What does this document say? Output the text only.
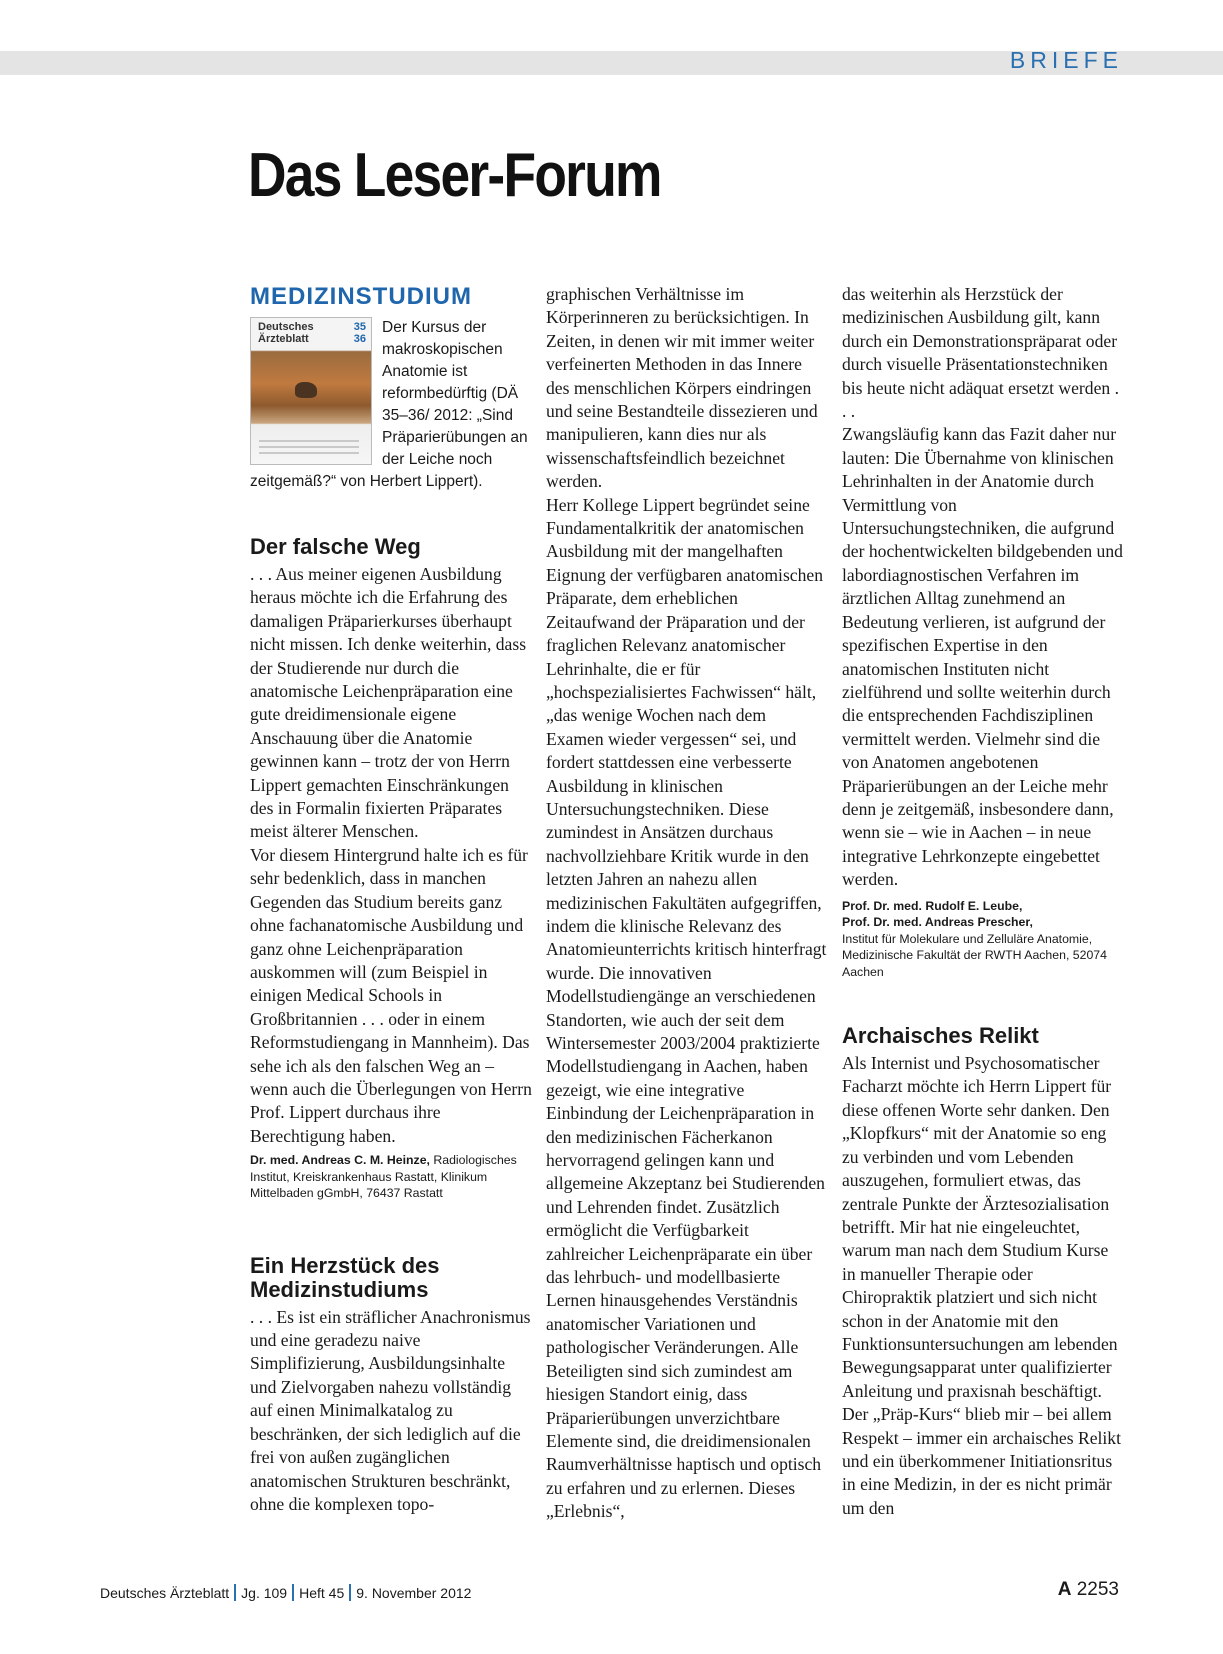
BRIEFE
Das Leser-Forum
MEDIZINSTUDIUM
Deutsches
Ärzteblatt
35
36

Der Kursus der makroskopischen Anatomie ist reformbedürftig (DÄ 35–36/ 2012: „Sind Präparierübungen an der Leiche noch zeitgemäß?“ von Herbert Lippert).

Der falsche Weg

. . . Aus meiner eigenen Ausbildung heraus möchte ich die Erfahrung des damaligen Präparierkurses überhaupt nicht missen. Ich denke weiterhin, dass der Studierende nur durch die anatomische Leichenpräparation eine gute dreidimensionale eigene Anschauung über die Anatomie gewinnen kann – trotz der von Herrn Lippert gemachten Einschränkungen des in Formalin fixierten Präparates meist älterer Menschen.

Vor diesem Hintergrund halte ich es für sehr bedenklich, dass in manchen Gegenden das Studium bereits ganz ohne fachanatomische Ausbildung und ganz ohne Leichenpräparation auskommen will (zum Beispiel in einigen Medical Schools in Großbritannien . . . oder in einem Reformstudiengang in Mannheim). Das sehe ich als den falschen Weg an – wenn auch die Überlegungen von Herrn Prof. Lippert durchaus ihre Berechtigung haben.

Dr. med. Andreas C. M. Heinze, Radiologisches Institut, Kreiskrankenhaus Rastatt, Klinikum Mittelbaden gGmbH, 76437 Rastatt

Ein Herzstück des Medizinstudiums

. . . Es ist ein sträflicher Anachronismus und eine geradezu naive Simplifizierung, Ausbildungsinhalte und Zielvorgaben nahezu vollständig auf einen Minimalkatalog zu beschränken, der sich lediglich auf die frei von außen zugänglichen anatomischen Strukturen beschränkt, ohne die komplexen topo-

graphischen Verhältnisse im Körperinneren zu berücksichtigen. In Zeiten, in denen wir mit immer weiter verfeinerten Methoden in das Innere des menschlichen Körpers eindringen und seine Bestandteile dissezieren und manipulieren, kann dies nur als wissenschaftsfeindlich bezeichnet werden.

Herr Kollege Lippert begründet seine Fundamentalkritik der anatomischen Ausbildung mit der mangelhaften Eignung der verfügbaren anatomischen Präparate, dem erheblichen Zeitaufwand der Präparation und der fraglichen Relevanz anatomischer Lehrinhalte, die er für „hochspezialisiertes Fachwissen“ hält, „das wenige Wochen nach dem Examen wieder vergessen“ sei, und fordert stattdessen eine verbesserte Ausbildung in klinischen Untersuchungstechniken. Diese zumindest in Ansätzen durchaus nachvollziehbare Kritik wurde in den letzten Jahren an nahezu allen medizinischen Fakultäten aufgegriffen, indem die klinische Relevanz des Anatomieunterrichts kritisch hinterfragt wurde. Die innovativen Modellstudiengänge an verschiedenen Standorten, wie auch der seit dem Wintersemester 2003/2004 praktizierte Modellstudiengang in Aachen, haben gezeigt, wie eine integrative Einbindung der Leichenpräparation in den medizinischen Fächerkanon hervorragend gelingen kann und allgemeine Akzeptanz bei Studierenden und Lehrenden findet. Zusätzlich ermöglicht die Verfügbarkeit zahlreicher Leichenpräparate ein über das lehrbuch- und modellbasierte Lernen hinausgehendes Verständnis anatomischer Variationen und pathologischer Veränderungen. Alle Beteiligten sind sich zumindest am hiesigen Standort einig, dass Präparierübungen unverzichtbare Elemente sind, die dreidimensionalen Raumverhältnisse haptisch und optisch zu erfahren und zu erlernen. Dieses „Erlebnis“,

das weiterhin als Herzstück der medizinischen Ausbildung gilt, kann durch ein Demonstrationspräparat oder durch visuelle Präsentationstechniken bis heute nicht adäquat ersetzt werden . . .

Zwangsläufig kann das Fazit daher nur lauten: Die Übernahme von klinischen Lehrinhalten in der Anatomie durch Vermittlung von Untersuchungstechniken, die aufgrund der hochentwickelten bildgebenden und labordiagnostischen Verfahren im ärztlichen Alltag zunehmend an Bedeutung verlieren, ist aufgrund der spezifischen Expertise in den anatomischen Instituten nicht zielführend und sollte weiterhin durch die entsprechenden Fachdisziplinen vermittelt werden. Vielmehr sind die von Anatomen angebotenen Präparierübungen an der Leiche mehr denn je zeitgemäß, insbesondere dann, wenn sie – wie in Aachen – in neue integrative Lehrkonzepte eingebettet werden.

Prof. Dr. med. Rudolf E. Leube,
Prof. Dr. med. Andreas Prescher,
Institut für Molekulare und Zelluläre Anatomie, Medizinische Fakultät der RWTH Aachen, 52074 Aachen
Archaisches Relikt

Als Internist und Psychosomatischer Facharzt möchte ich Herrn Lippert für diese offenen Worte sehr danken. Den „Klopfkurs“ mit der Anatomie so eng zu verbinden und vom Lebenden auszugehen, formuliert etwas, das zentrale Punkte der Ärztesozialisation betrifft. Mir hat nie eingeleuchtet, warum man nach dem Studium Kurse in manueller Therapie oder Chiropraktik platziert und sich nicht schon in der Anatomie mit den Funktionsuntersuchungen am lebenden Bewegungsapparat unter qualifizierter Anleitung und praxisnah beschäftigt. Der „Präp-Kurs“ blieb mir – bei allem Respekt – immer ein archaisches Relikt und ein überkommener Initiationsritus in eine Medizin, in der es nicht primär um den

Deutsches Ärzteblatt Jg. 109 Heft 45 9. November 2012	A 2253
